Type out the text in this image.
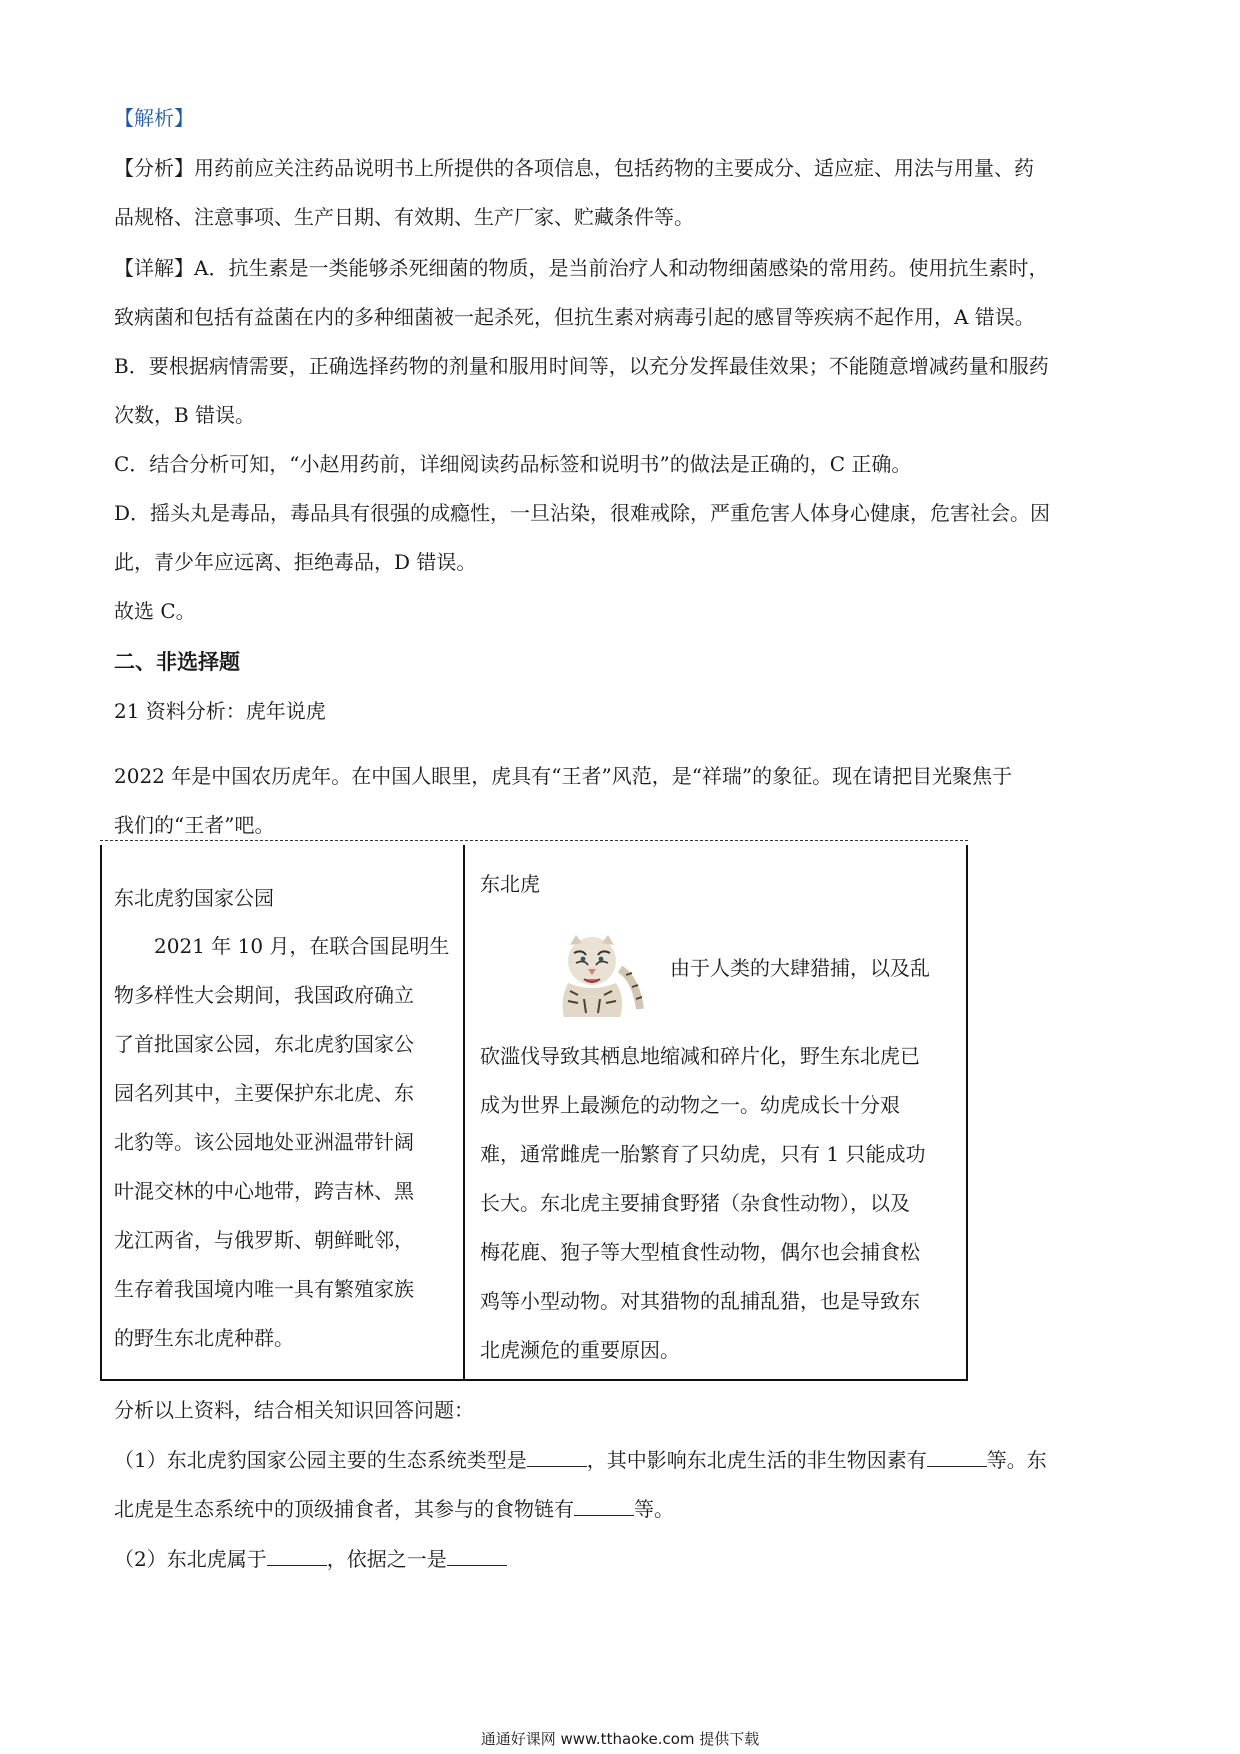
【解析】
【分析】用药前应关注药品说明书上所提供的各项信息，包括药物的主要成分、适应症、用法与用量、药
品规格、注意事项、生产日期、有效期、生产厂家、贮藏条件等。
【详解】A．抗生素是一类能够杀死细菌的物质，是当前治疗人和动物细菌感染的常用药。使用抗生素时，
致病菌和包括有益菌在内的多种细菌被一起杀死，但抗生素对病毒引起的感冒等疾病不起作用，A 错误。
B．要根据病情需要，正确选择药物的剂量和服用时间等，以充分发挥最佳效果；不能随意增减药量和服药
次数，B 错误。
C．结合分析可知，“小赵用药前，详细阅读药品标签和说明书”的做法是正确的，C 正确。
D．摇头丸是毒品，毒品具有很强的成瘾性，一旦沾染，很难戒除，严重危害人体身心健康，危害社会。因
此，青少年应远离、拒绝毒品，D 错误。
故选 C。
二、非选择题
21 资料分析：虎年说虎
2022 年是中国农历虎年。在中国人眼里，虎具有“王者”风范，是“祥瑞”的象征。现在请把目光聚焦于
我们的“王者”吧。
东北虎豹国家公园
　　2021 年 10 月，在联合国昆明生
物多样性大会期间，我国政府确立
了首批国家公园，东北虎豹国家公
园名列其中，主要保护东北虎、东
北豹等。该公园地处亚洲温带针阔
叶混交林的中心地带，跨吉林、黑
龙江两省，与俄罗斯、朝鲜毗邻，
生存着我国境内唯一具有繁殖家族
的野生东北虎种群。
东北虎
由于人类的大肆猎捕，以及乱
砍滥伐导致其栖息地缩减和碎片化，野生东北虎已
成为世界上最濒危的动物之一。幼虎成长十分艰
难，通常雌虎一胎繁育了只幼虎，只有 1 只能成功
长大。东北虎主要捕食野猪（杂食性动物），以及
梅花鹿、狍子等大型植食性动物，偶尔也会捕食松
鸡等小型动物。对其猎物的乱捕乱猎，也是导致东
北虎濒危的重要原因。
分析以上资料，结合相关知识回答问题：
（1）东北虎豹国家公园主要的生态系统类型是	，其中影响东北虎生活的非生物因素有	等。东
北虎是生态系统中的顶级捕食者，其参与的食物链有	等。
（2）东北虎属于	，依据之一是
通通好课网 www.tthaoke.com 提供下载
